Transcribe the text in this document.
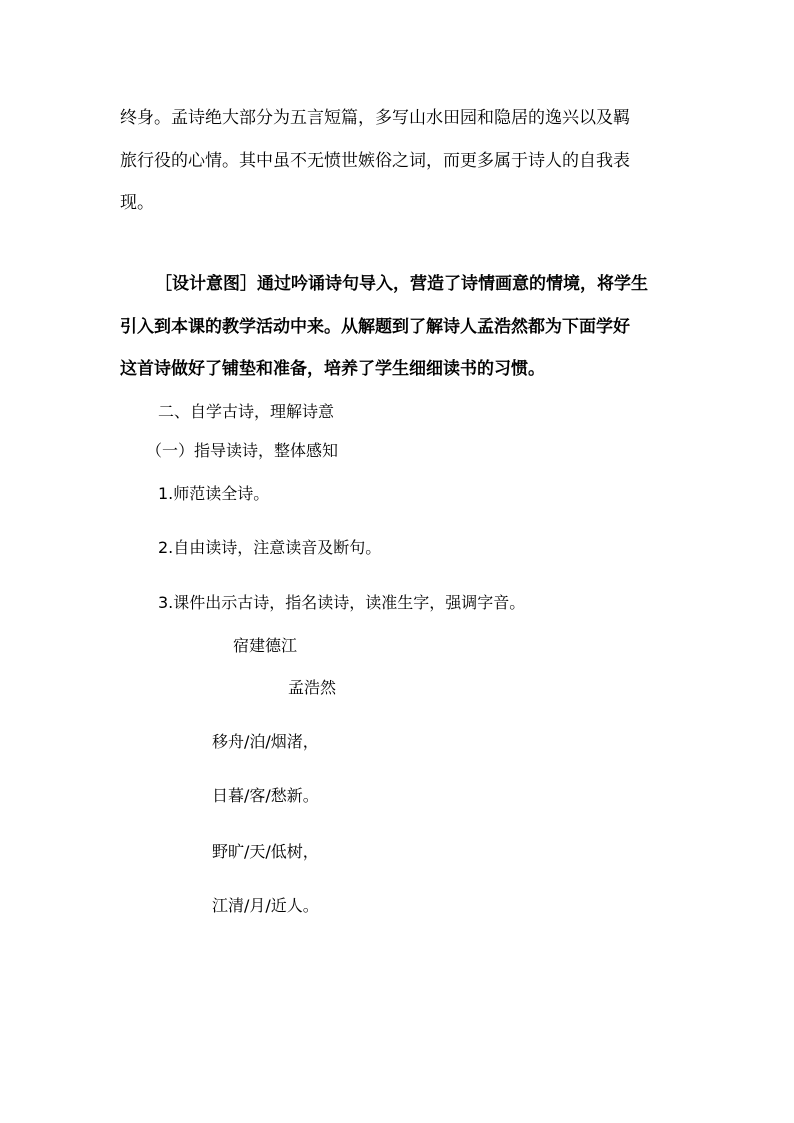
终身。孟诗绝大部分为五言短篇，多写山水田园和隐居的逸兴以及羁
旅行役的心情。其中虽不无愤世嫉俗之词，而更多属于诗人的自我表
现。
［设计意图］通过吟诵诗句导入，营造了诗情画意的情境，将学生
引入到本课的教学活动中来。从解题到了解诗人孟浩然都为下面学好
这首诗做好了铺垫和准备，培养了学生细细读书的习惯。
二、自学古诗，理解诗意
（一）指导读诗，整体感知
1.师范读全诗。
2.自由读诗，注意读音及断句。
3.课件出示古诗，指名读诗，读准生字，强调字音。
宿建德江
孟浩然
移舟/泊/烟渚，
日暮/客/愁新。
野旷/天/低树，
江清/月/近人。
